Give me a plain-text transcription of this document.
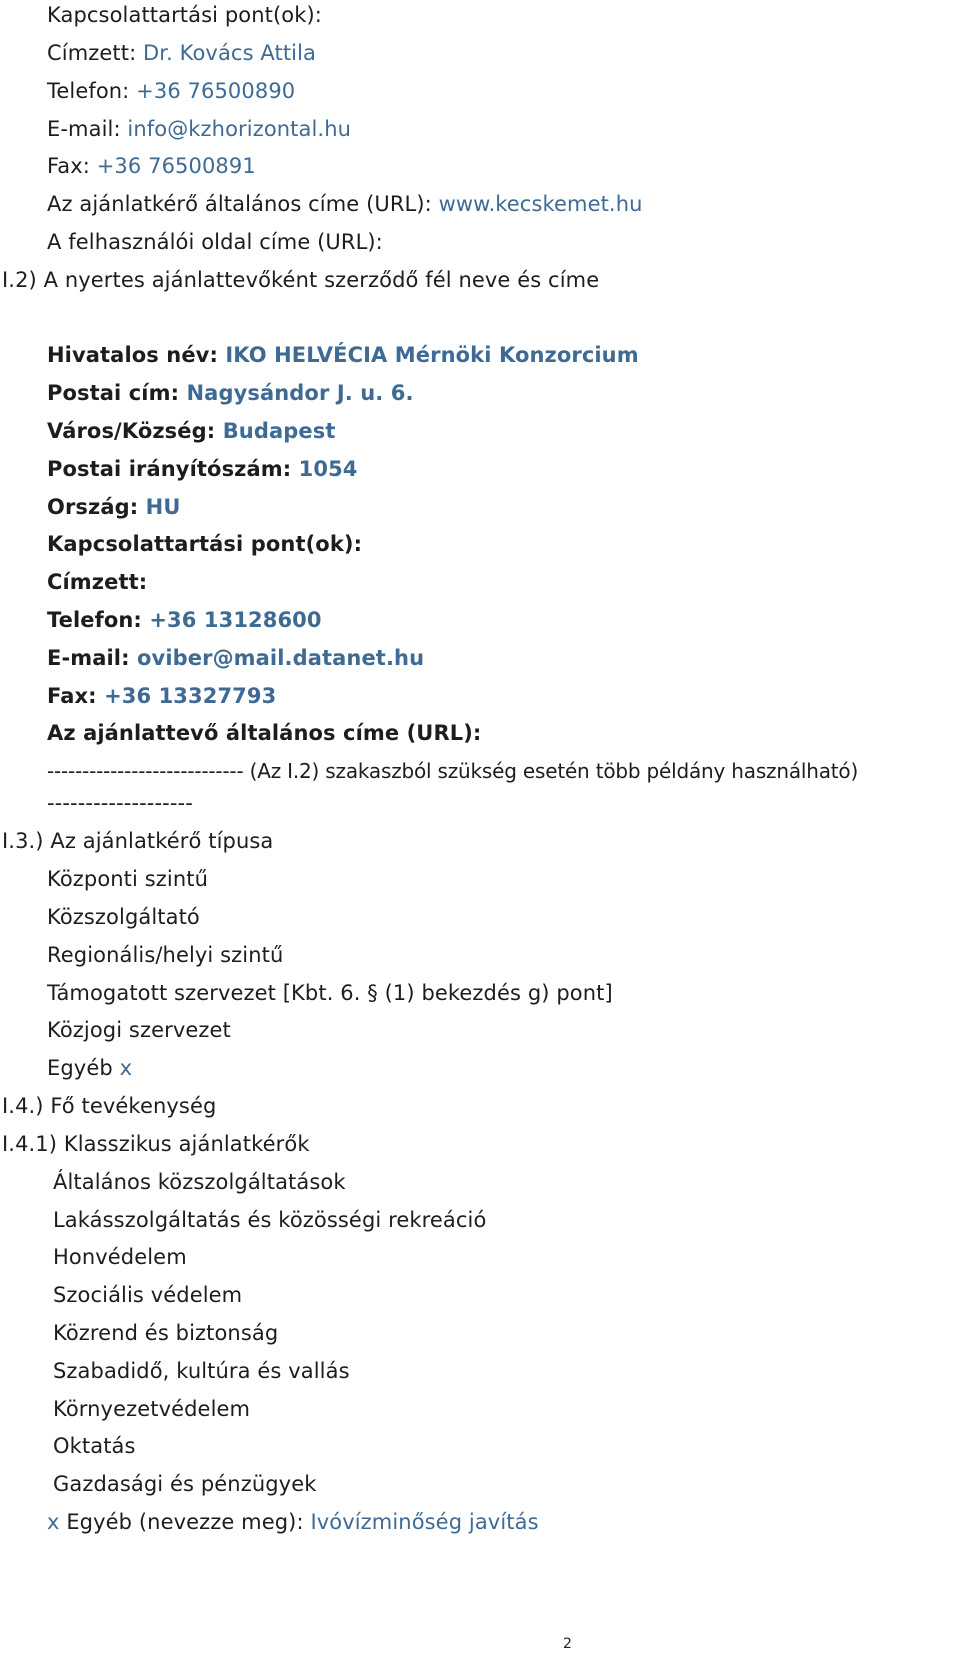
Kapcsolattartási pont(ok):
Címzett: Dr. Kovács Attila
Telefon: +36 76500890
E-mail: info@kzhorizontal.hu
Fax: +36 76500891
Az ajánlatkérő általános címe (URL): www.kecskemet.hu
A felhasználói oldal címe (URL):
I.2) A nyertes ajánlattevőként szerződő fél neve és címe
Hivatalos név: IKO HELVÉCIA Mérnöki Konzorcium
Postai cím: Nagysándor J. u. 6.
Város/Község: Budapest
Postai irányítószám: 1054
Ország: HU
Kapcsolattartási pont(ok):
Címzett:
Telefon: +36 13128600
E-mail: oviber@mail.datanet.hu
Fax: +36 13327793
Az ajánlattevő általános címe (URL):
---------------------------- (Az I.2) szakaszból szükség esetén több példány használható)
-------------------
I.3.) Az ajánlatkérő típusa
Központi szintű
Közszolgáltató
Regionális/helyi szintű
Támogatott szervezet [Kbt. 6. § (1) bekezdés g) pont]
Közjogi szervezet
Egyéb x
I.4.) Fő tevékenység
I.4.1) Klasszikus ajánlatkérők
Általános közszolgáltatások
Lakásszolgáltatás és közösségi rekreáció
Honvédelem
Szociális védelem
Közrend és biztonság
Szabadidő, kultúra és vallás
Környezetvédelem
Oktatás
Gazdasági és pénzügyek
x Egyéb (nevezze meg): Ivóvízminőség javítás
2
